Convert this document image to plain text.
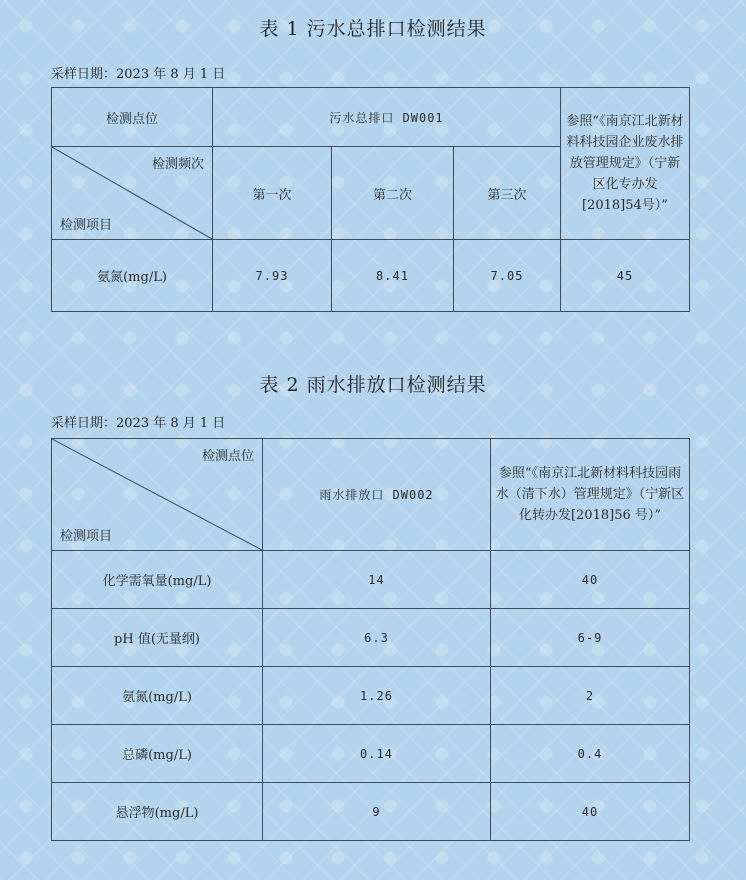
表 1 污水总排口检测结果
采样日期：2023 年 8 月 1 日
检测点位	污水总排口 DW001			参照“《南京江北新材料科技园企业废水排放管理规定》（宁新区化专办发[2018]54号）”

检测频次
检测项目	第一次	第二次	第三次	
氨氮(mg/L)	7.93	8.41	7.05	45
表 2 雨水排放口检测结果
采样日期：2023 年 8 月 1 日
检测点位
检测项目	雨水排放口 DW002	参照“《南京江北新材料科技园雨水（清下水）管理规定》（宁新区化转办发[2018]56 号）”
化学需氧量(mg/L)	14	40
pH 值(无量纲)	6.3	6-9
氨氮(mg/L)	1.26	2
总磷(mg/L)	0.14	0.4
悬浮物(mg/L)	9	40
